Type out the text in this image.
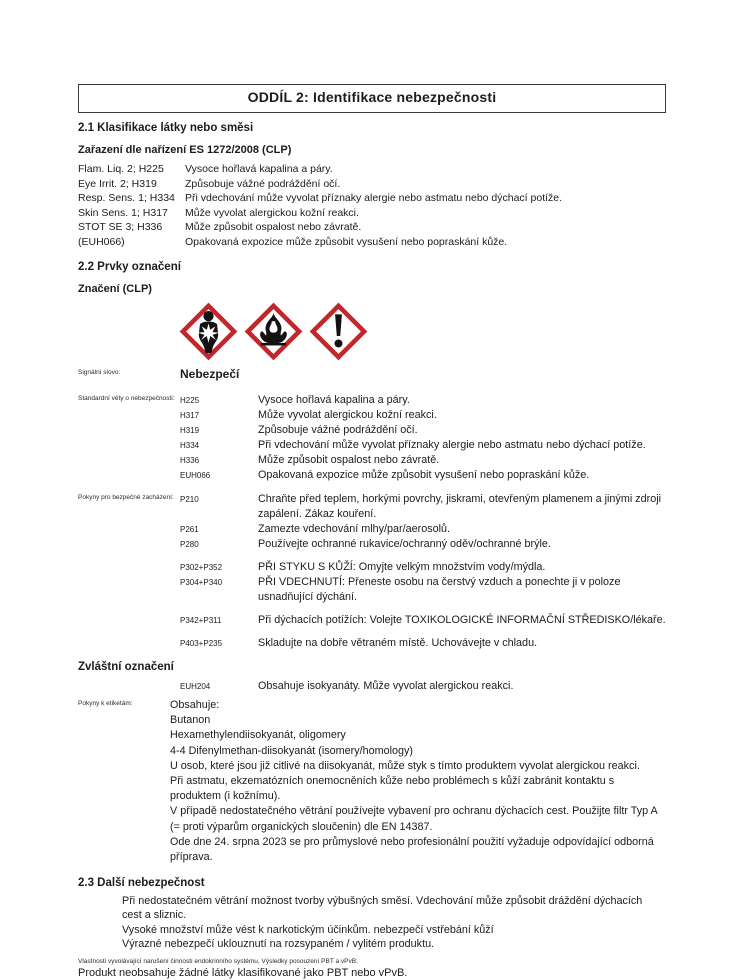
ODDÍL 2: Identifikace nebezpečnosti
2.1 Klasifikace látky nebo směsi
Zařazení dle nařízení ES 1272/2008 (CLP)
Flam. Liq. 2; H225	Vysoce hořlavá kapalina a páry.
Eye Irrit. 2; H319	Způsobuje vážné podráždění očí.
Resp. Sens. 1; H334 Při vdechování může vyvolat příznaky alergie nebo astmatu nebo dýchací potíže.
Skin Sens. 1; H317	Může vyvolat alergickou kožní reakci.
STOT SE 3; H336	Může způsobit ospalost nebo závratě.
(EUH066)	Opakovaná expozice může způsobit vysušení nebo popraskání kůže.
2.2 Prvky označení
Značení (CLP)
Signální slovo:	Nebezpečí
Standardní věty o nebezpečnosti: H225	Vysoce hořlavá kapalina a páry.
H317	Může vyvolat alergickou kožní reakci.
H319	Způsobuje vážné podráždění očí.
H334	Při vdechování může vyvolat příznaky alergie nebo astmatu nebo dýchací potíže.
H336	Může způsobit ospalost nebo závratě.
EUH066	Opakovaná expozice může způsobit vysušení nebo popraskání kůže.
Pokyny pro bezpečné zacházení: P210	Chraňte před teplem, horkými povrchy, jiskrami, otevřeným plamenem a jinými zdroji zapálení. Zákaz kouření.
P261	Zamezte vdechování mlhy/par/aerosolů.
P280	Používejte ochranné rukavice/ochranný oděv/ochranné brýle.
P302+P352	PŘI STYKU S KŮŽÍ: Omyjte velkým množstvím vody/mýdla.
P304+P340	PŘI VDECHNUTÍ: Přeneste osobu na čerstvý vzduch a ponechte ji v poloze usnadňující dýchání.
P342+P311	Při dýchacích potížích: Volejte TOXIKOLOGICKÉ INFORMAČNÍ STŘEDISKO/lékaře.
P403+P235	Skladujte na dobře větraném místě. Uchovávejte v chladu.
Zvláštní označení
EUH204	Obsahuje isokyanáty. Může vyvolat alergickou reakci.
Pokyny k etiketám:	Obsahuje:
Butanon
Hexamethylendiisokyanát, oligomery
4-4 Difenylmethan-diisokyanát (isomery/homology)
U osob, které jsou již citlivé na diisokyanát, může styk s tímto produktem vyvolat alergickou reakci.
Při astmatu, ekzematózních onemocněních kůže nebo problémech s kůží zabránit kontaktu s produktem (i kožnímu).
V případě nedostatečného větrání používejte vybavení pro ochranu dýchacích cest. Použijte filtr Typ A (= proti výparům organických sloučenin) dle EN 14387.
Ode dne 24. srpna 2023 se pro průmyslové nebo profesionální použití vyžaduje odpovídající odborná příprava.
2.3 Další nebezpečnost

Při nedostatečném větrání možnost tvorby výbušných směsí. Vdechování může způsobit dráždění dýchacích cest a sliznic.

Vysoké množství může vést k narkotickým účinkům. nebezpečí vstřebání kůží

Výrazné nebezpečí uklouznutí na rozsypaném / vylitém produktu.

Vlastnosti vyvolávající narušení činnosti endokrinního systému, Výsledky posouzení PBT a vPvB:
Produkt neobsahuje žádné látky klasifikované jako PBT nebo vPvB.
